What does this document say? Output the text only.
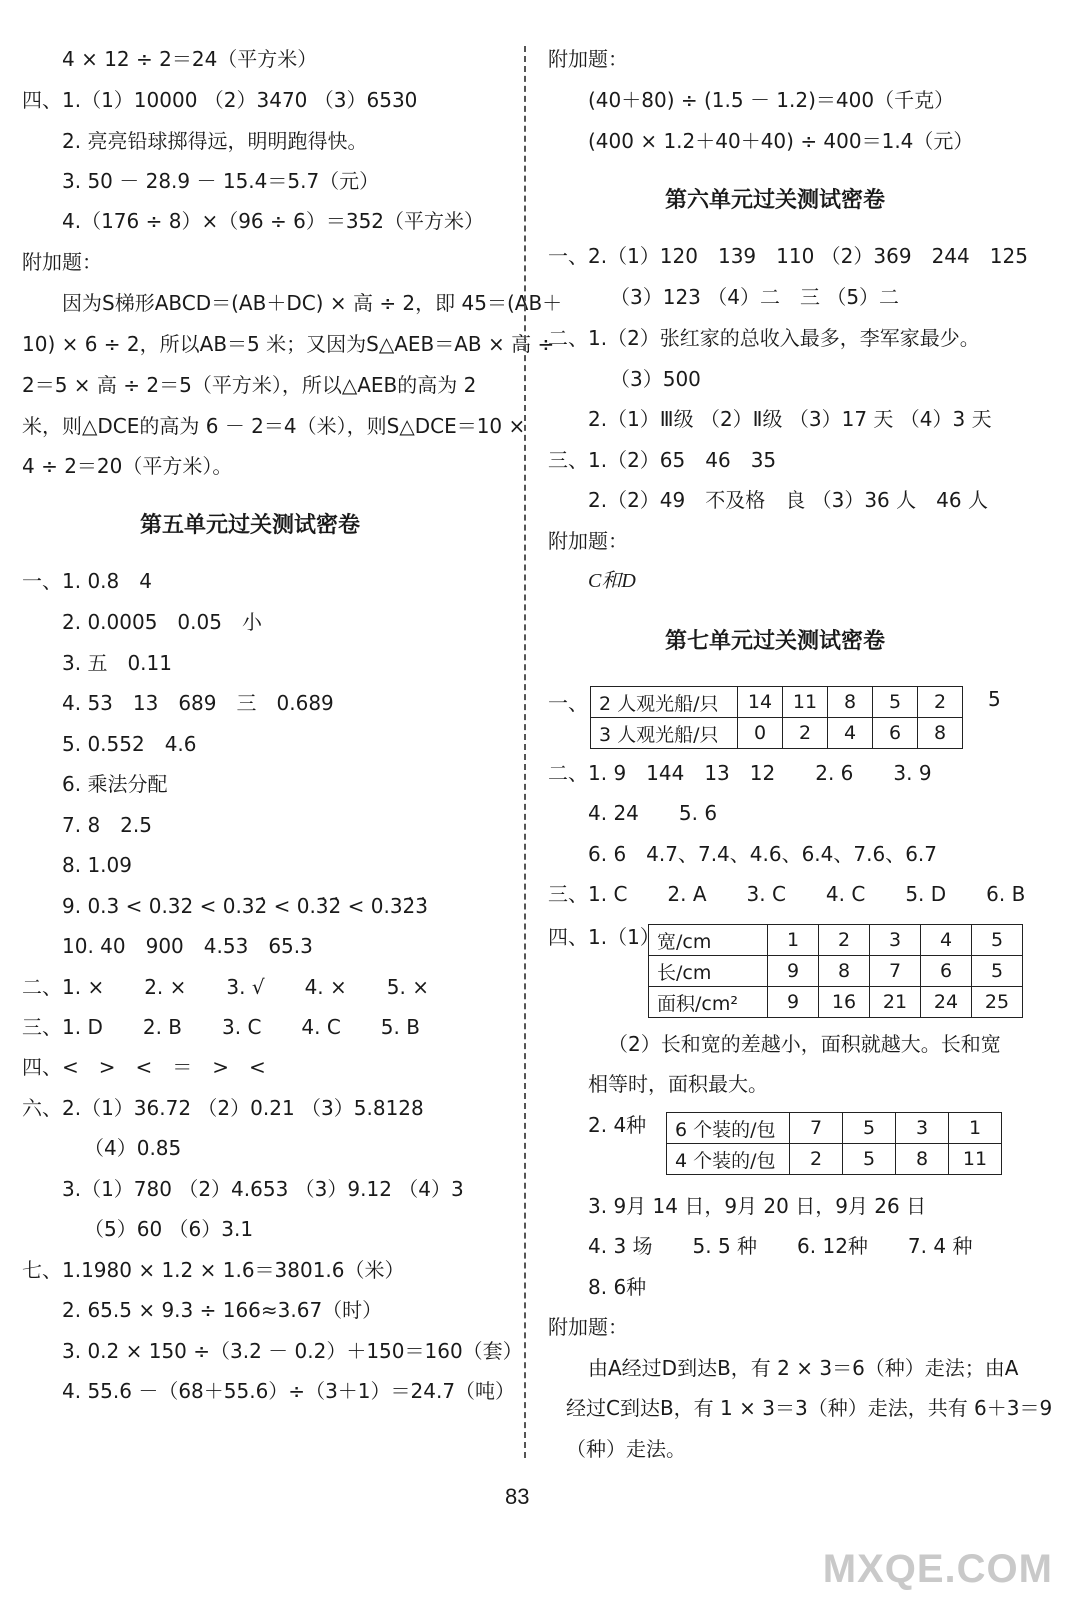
4 × 12 ÷ 2＝24（平方米）
四、1.（1）10000 （2）3470 （3）6530
2. 亮亮铅球掷得远，明明跑得快。
3. 50 － 28.9 － 15.4＝5.7（元）
4.（176 ÷ 8）×（96 ÷ 6）＝352（平方米）
附加题：
因为S梯形ABCD＝(AB＋DC) × 高 ÷ 2，即 45＝(AB＋
10) × 6 ÷ 2，所以AB＝5 米；又因为S△AEB＝AB × 高 ÷
2＝5 × 高 ÷ 2＝5（平方米），所以△AEB的高为 2
米，则△DCE的高为 6 － 2＝4（米），则S△DCE＝10 ×
4 ÷ 2＝20（平方米）。
第五单元过关测试密卷
一、1. 0.8　4
2. 0.0005　0.05　小
3. 五　0.11
4. 53　13　689　三　0.689
5. 0.552　4.6
6. 乘法分配
7. 8　2.5
8. 1.09
9. 0.3 < 0.32 < 0.32̇ < 0.3̇2̇ < 0.32̇3̇
10. 40　900　4.53　65.3
二、1. ×　　2. ×　　3. √　　4. ×　　5. ×
三、1. D　　2. B　　3. C　　4. C　　5. B
四、<　>　<　＝　>　<
六、2.（1）36.72 （2）0.21 （3）5.8128
（4）0.85
3.（1）780 （2）4.653 （3）9.12 （4）3
（5）60 （6）3.1
七、1.1980 × 1.2 × 1.6＝3801.6（米）
2. 65.5 × 9.3 ÷ 166≈3.67（时）
3. 0.2 × 150 ÷（3.2 － 0.2）＋150＝160（套）
4. 55.6 －（68＋55.6）÷（3＋1）＝24.7（吨）
附加题：
(40＋80) ÷ (1.5 － 1.2)＝400（千克）
(400 × 1.2＋40＋40) ÷ 400＝1.4（元）
第六单元过关测试密卷
一、2.（1）120　139　110 （2）369　244　125
（3）123 （4）二　三 （5）二
二、1.（2）张红家的总收入最多，李军家最少。
（3）500
2.（1）Ⅲ级 （2）Ⅱ级 （3）17 天 （4）3 天
三、1.（2）65　46　35
2.（2）49　不及格　良 （3）36 人　46 人
附加题：
C和D
第七单元过关测试密卷
一、 2 人观光船/只	14	11	8	5	2
3 人观光船/只	0	2	4	6	8
5
二、1. 9　144　13　12　　2. 6　　3. 9
4. 24　　5. 6
6. 6　4.7、7.4、4.6、6.4、7.6、6.7
三、1. C　　2. A　　3. C　　4. C　　5. D　　6. B
四、1.（1）
宽/cm	1	2	3	4	5
长/cm	9	8	7	6	5
面积/cm²	9	16	21	24	25
（2）长和宽的差越小，面积就越大。长和宽
相等时，面积最大。
2. 4种 6 个装的/包	7	5	3	1
4 个装的/包	2	5	8	11
3. 9月 14 日，9月 20 日，9月 26 日
4. 3 场　　5. 5 种　　6. 12种　　7. 4 种
8. 6种
附加题：
由A经过D到达B，有 2 × 3＝6（种）走法；由A
经过C到达B，有 1 × 3＝3（种）走法，共有 6＋3＝9
（种）走法。
83
MXQE.COM
